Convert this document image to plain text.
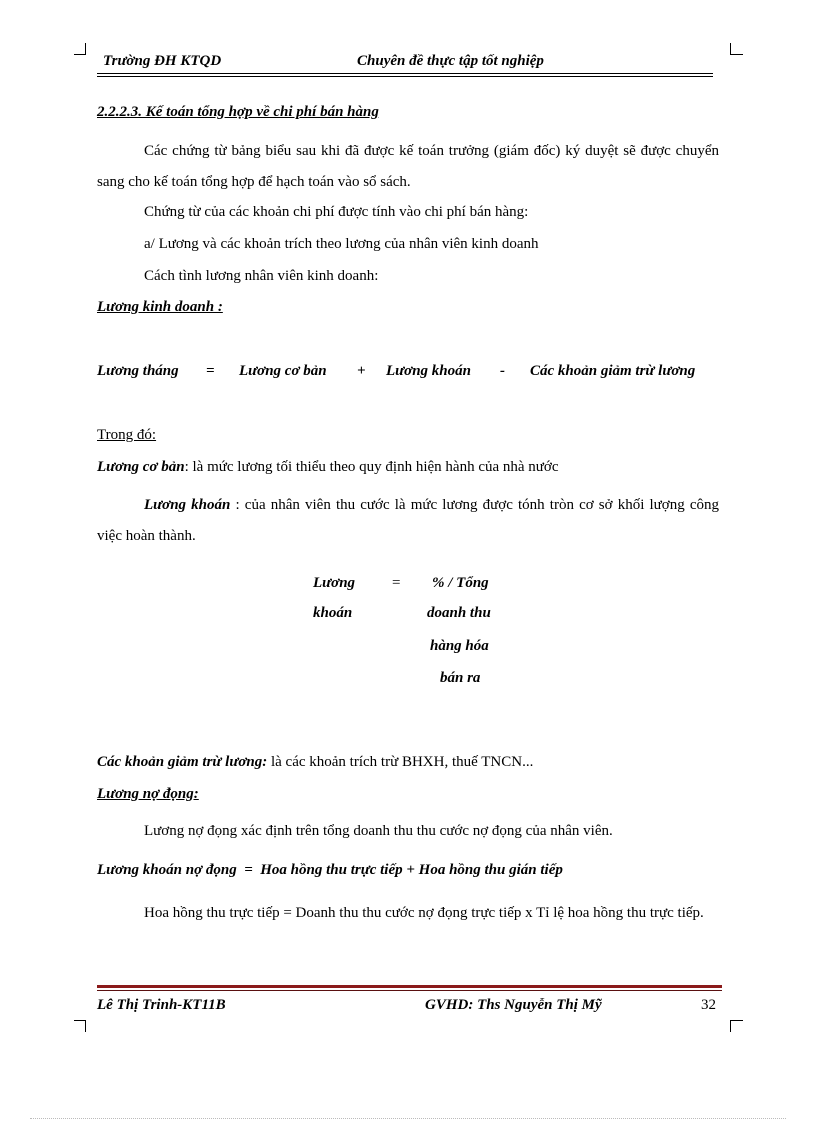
Trường ĐH KTQD	Chuyên đề thực tập tốt nghiệp
2.2.2.3. Kế toán tổng hợp về chi phí bán hàng
Các chứng từ bảng biểu sau khi đã được kế toán trưởng (giám đốc) ký duyệt sẽ được chuyển sang cho kế toán tổng hợp để hạch toán vào sổ sách.
Chứng từ của các khoản chi phí được tính vào chi phí bán hàng:
a/ Lương và các khoản trích theo lương của nhân viên kinh doanh
Cách tình lương nhân viên kinh doanh:
Lương kinh doanh :
Lương tháng = Lương cơ bản + Lương khoán - Các khoản giảm trừ lương
Trong đó:
Lương cơ bản: là mức lương tối thiểu theo quy định hiện hành của nhà nước
Lương khoán : của nhân viên thu cước là mức lương được tónh tròn cơ sở khối lượng công việc hoàn thành.
Lương
khoán
= % / Tổng
doanh thu
hàng hóa
bán ra
Các khoản giảm trừ lương: là các khoản trích trừ BHXH, thuế TNCN...
Lương nợ đọng:
Lương nợ đọng xác định trên tổng doanh thu thu cước nợ đọng của nhân viên.
Lương khoán nợ đọng  =  Hoa hồng thu trực tiếp + Hoa hồng thu gián tiếp
Hoa hồng thu trực tiếp = Doanh thu thu cước nợ đọng trực tiếp x Tỉ lệ hoa hồng thu trực tiếp.
Lê Thị Trinh-KT11B	GVHD: Ths Nguyễn Thị Mỹ	32
